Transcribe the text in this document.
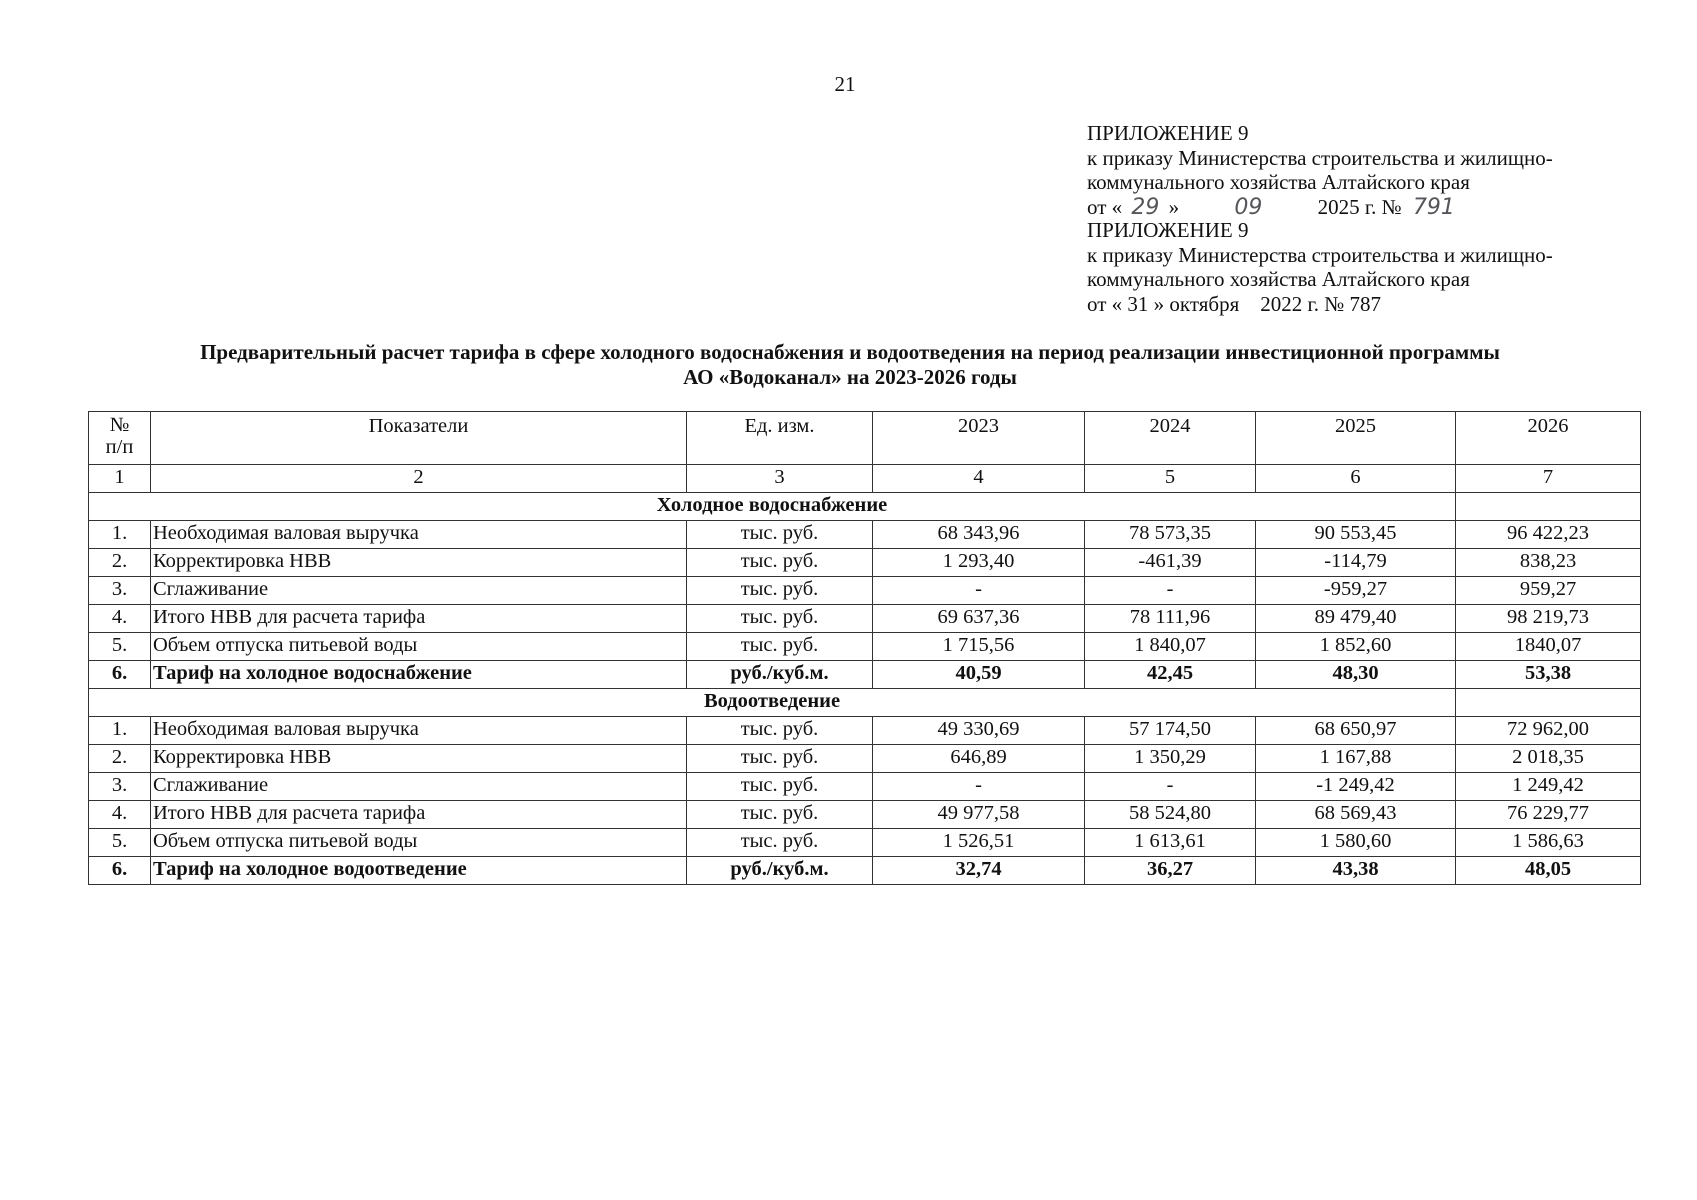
21
ПРИЛОЖЕНИЕ 9
к приказу Министерства строительства и жилищно-
коммунального хозяйства Алтайского края
от « 29 »	09	2025 г. № 791
ПРИЛОЖЕНИЕ 9
к приказу Министерства строительства и жилищно-
коммунального хозяйства Алтайского края
от « 31 » октября    2022 г. № 787
Предварительный расчет тарифа в сфере холодного водоснабжения и водоотведения на период реализации инвестиционной программы
АО «Водоканал» на 2023-2026 годы
№
п/п	Показатели	Ед. изм.	2023	2024	2025	2026
1	2	3	4	5	6	7
Холодное водоснабжение						
1.	Необходимая валовая выручка	тыс. руб.	68 343,96	78 573,35	90 553,45	96 422,23
2.	Корректировка НВВ	тыс. руб.	1 293,40	-461,39	-114,79	838,23
3.	Сглаживание	тыс. руб.	-	-	-959,27	959,27
4.	Итого НВВ для расчета тарифа	тыс. руб.	69 637,36	78 111,96	89 479,40	98 219,73
5.	Объем отпуска питьевой воды	тыс. руб.	1 715,56	1 840,07	1 852,60	1840,07
6.	Тариф на холодное водоснабжение	руб./куб.м.	40,59	42,45	48,30	53,38
Водоотведение						
1.	Необходимая валовая выручка	тыс. руб.	49 330,69	57 174,50	68 650,97	72 962,00
2.	Корректировка НВВ	тыс. руб.	646,89	1 350,29	1 167,88	2 018,35
3.	Сглаживание	тыс. руб.	-	-	-1 249,42	1 249,42
4.	Итого НВВ для расчета тарифа	тыс. руб.	49 977,58	58 524,80	68 569,43	76 229,77
5.	Объем отпуска питьевой воды	тыс. руб.	1 526,51	1 613,61	1 580,60	1 586,63
6.	Тариф на холодное водоотведение	руб./куб.м.	32,74	36,27	43,38	48,05
